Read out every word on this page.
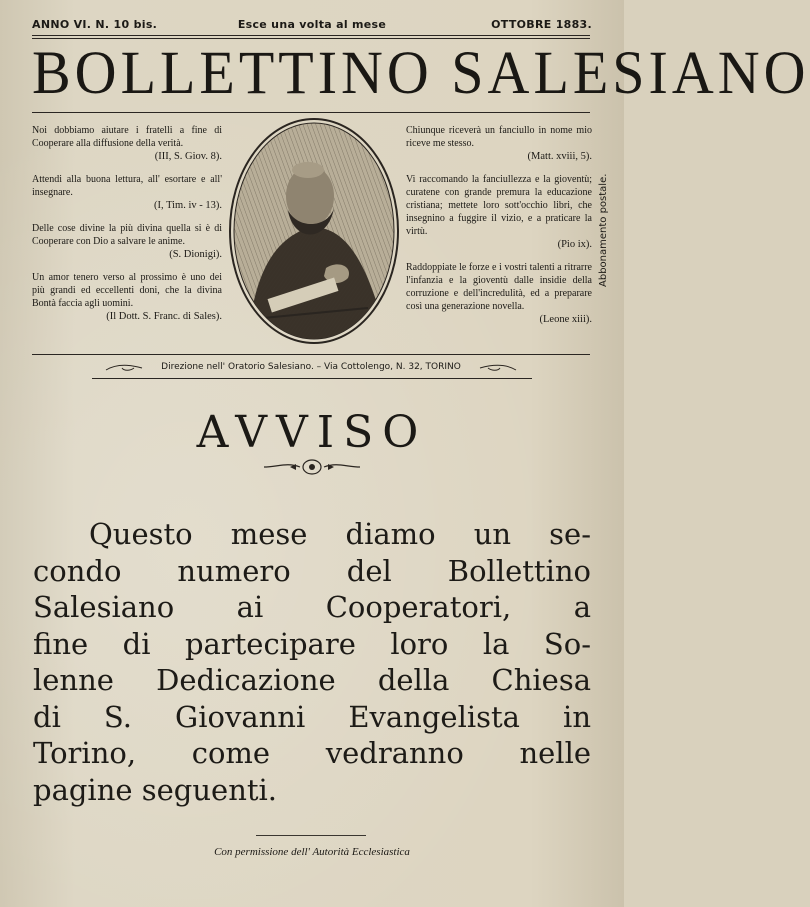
ANNO VI. N. 10 bis.	Esce una volta al mese	OTTOBRE 1883.
BOLLETTINO SALESIANO
Noi dobbiamo aiutare i fratelli a fine di Cooperare alla diffusione della verità.
(III, S. Giov. 8).
Attendi alla buona lettura, all' esortare e all' insegnare.
(I, Tim. iv - 13).
Delle cose divine la più divina quella si è di Cooperare con Dio a salvare le anime.
(S. Dionigi).
Un amor tenero verso al prossimo è uno dei più grandi ed eccellenti doni, che la divina Bontà faccia agli uomini.
(Il Dott. S. Franc. di Sales).
Chiunque riceverà un fanciullo in nome mio riceve me stesso.
(Matt. xviii, 5).
Vi raccomando la fanciullezza e la gioventù; curatene con grande premura la educazione cristiana; mettete loro sott'occhio libri, che insegnino a fuggire il vizio, e a praticare la virtù.
(Pio ix).
Raddoppiate le forze e i vostri talenti a ritrarre l'infanzia e la gioventù dalle insidie della corruzione e dell'incredulità, ed a preparare così una generazione novella.
(Leone xiii).
Abbonamento postale.
Direzione nell' Oratorio Salesiano. – Via Cottolengo, N. 32, TORINO
AVVISO
Questo mese diamo un se-
condo numero del Bollettino
Salesiano ai Cooperatori, a
fine di partecipare loro la So-
lenne Dedicazione della Chiesa
di S. Giovanni Evangelista in
Torino, come vedranno nelle
pagine seguenti.
Con permissione dell' Autorità Ecclesiastica
